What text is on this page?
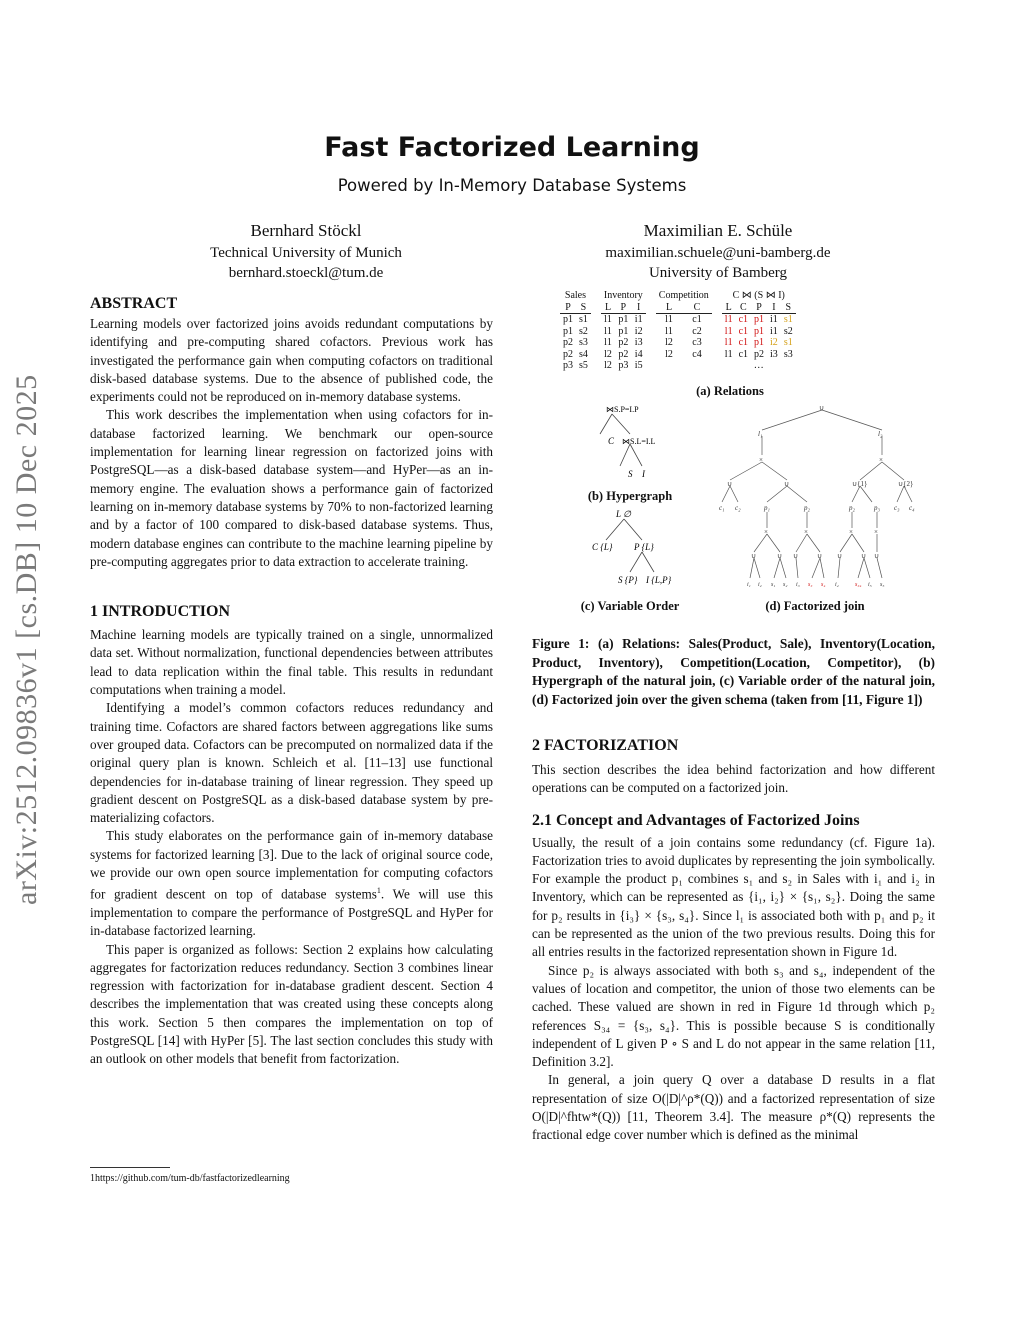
arXiv:2512.09836v1 [cs.DB] 10 Dec 2025
Fast Factorized Learning
Powered by In-Memory Database Systems
Bernhard Stöckl
Technical University of Munich
bernhard.stoeckl@tum.de
Maximilian E. Schüle
maximilian.schuele@uni-bamberg.de
University of Bamberg
ABSTRACT

Learning models over factorized joins avoids redundant computations by identifying and pre-computing shared cofactors. Previous work has investigated the performance gain when computing cofactors on traditional disk-based database systems. Due to the absence of published code, the experiments could not be reproduced on in-memory database systems.

This work describes the implementation when using cofactors for in-database factorized learning. We benchmark our open-source implementation for learning linear regression on factorized joins with PostgreSQL—as a disk-based database system—and HyPer—as an in-memory engine. The evaluation shows a performance gain of factorized learning on in-memory database systems by 70% to non-factorized learning and by a factor of 100 compared to disk-based database systems. Thus, modern database engines can contribute to the machine learning pipeline by pre-computing aggregates prior to data extraction to accelerate training.

1 INTRODUCTION

Machine learning models are typically trained on a single, unnormalized data set. Without normalization, functional dependencies between attributes lead to data replication within the final table. This results in redundant computations when training a model.

Identifying a model’s common cofactors reduces redundancy and training time. Cofactors are shared factors between aggregations like sums over grouped data. Cofactors can be precomputed on normalized data if the original query plan is known. Schleich et al. [11–13] use functional dependencies for in-database training of linear regression. They speed up gradient descent on PostgreSQL as a disk-based database system by pre-materializing cofactors.

This study elaborates on the performance gain of in-memory database systems for factorized learning [3]. Due to the lack of original source code, we provide our own open source implementation for computing cofactors for gradient descent on top of database systems$^1$. We will use this implementation to compare the performance of PostgreSQL and HyPer for in-database factorized learning.

This paper is organized as follows: Section 2 explains how calculating aggregates for factorization reduces redundancy. Section 3 combines linear regression with factorization for in-database gradient descent. Section 4 describes the implementation that was created using these concepts along this work. Section 5 then compares the implementation on top of PostgreSQL [14] with HyPer [5]. The last section concludes this study with an outlook on other models that benefit from factorization.

1https://github.com/tum-db/fastfactorizedlearning
Sales	
P	S
p1	s1
p1	s2
p2	s3
p2	s4
p3	s5
Inventory		
L	P	I
l1	p1	i1
l1	p1	i2
l1	p2	i3
l2	p2	i4
l2	p3	i5
Competition	
L	C
l1	c1
l1	c2
l2	c3
l2	c4
C ⋈ (S ⋈ I)				
L	C	P	I	S
l1	c1	p1	i1	s1
l1	c1	p1	i1	s2
l1	c1	p1	i2	s1
l1	c1	p2	i3	s3
…				
(a) Relations
⋈S.P=I.P
C ⋈S.L=I.L
S I
(b) Hypergraph
L ∅
C {L} P {L}
S {P} I {L,P}
(c) Variable Order
∪
l₁	l₂
×	×
∪	∪	∪{1}	∪{2}
c₁ c₂	p₁	p₂	p₂	p₃ c₃ c₄
×	×	×	×
∪	∪ ∪	∪ ∪	∪ ∪
i₁ i₂ s₁ s₂ i₃ s₃ s₄ i₄	s₃₄ i₅ s₅
(d) Factorized join

Figure 1: (a) Relations: Sales(Product, Sale), Inventory(Location, Product, Inventory), Competition(Location, Competitor), (b) Hypergraph of the natural join, (c) Variable order of the natural join, (d) Factorized join over the given schema (taken from [11, Figure 1])

2 FACTORIZATION

This section describes the idea behind factorization and how different operations can be computed on a factorized join.

2.1 Concept and Advantages of Factorized Joins

Usually, the result of a join contains some redundancy (cf. Figure 1a). Factorization tries to avoid duplicates by representing the join symbolically. For example the product p₁ combines s₁ and s₂ in Sales with i₁ and i₂ in Inventory, which can be represented as {i₁, i₂} × {s₁, s₂}. Doing the same for p₂ results in {i₃} × {s₃, s₄}. Since l₁ is associated both with p₁ and p₂ it can be represented as the union of the two previous results. Doing this for all entries results in the factorized representation shown in Figure 1d.

Since p₂ is always associated with both s₃ and s₄, independent of the values of location and competitor, the union of those two elements can be cached. These valued are shown in red in Figure 1d through which p₂ references S₃₄ = {s₃, s₄}. This is possible because S is conditionally independent of L given P ∘ S and L do not appear in the same relation [11, Definition 3.2].

In general, a join query Q over a database D results in a flat representation of size O(|D|^ρ*(Q)) and a factorized representation of size O(|D|^fhtw*(Q)) [11, Theorem 3.4]. The measure ρ*(Q) represents the fractional edge cover number which is defined as the minimal
